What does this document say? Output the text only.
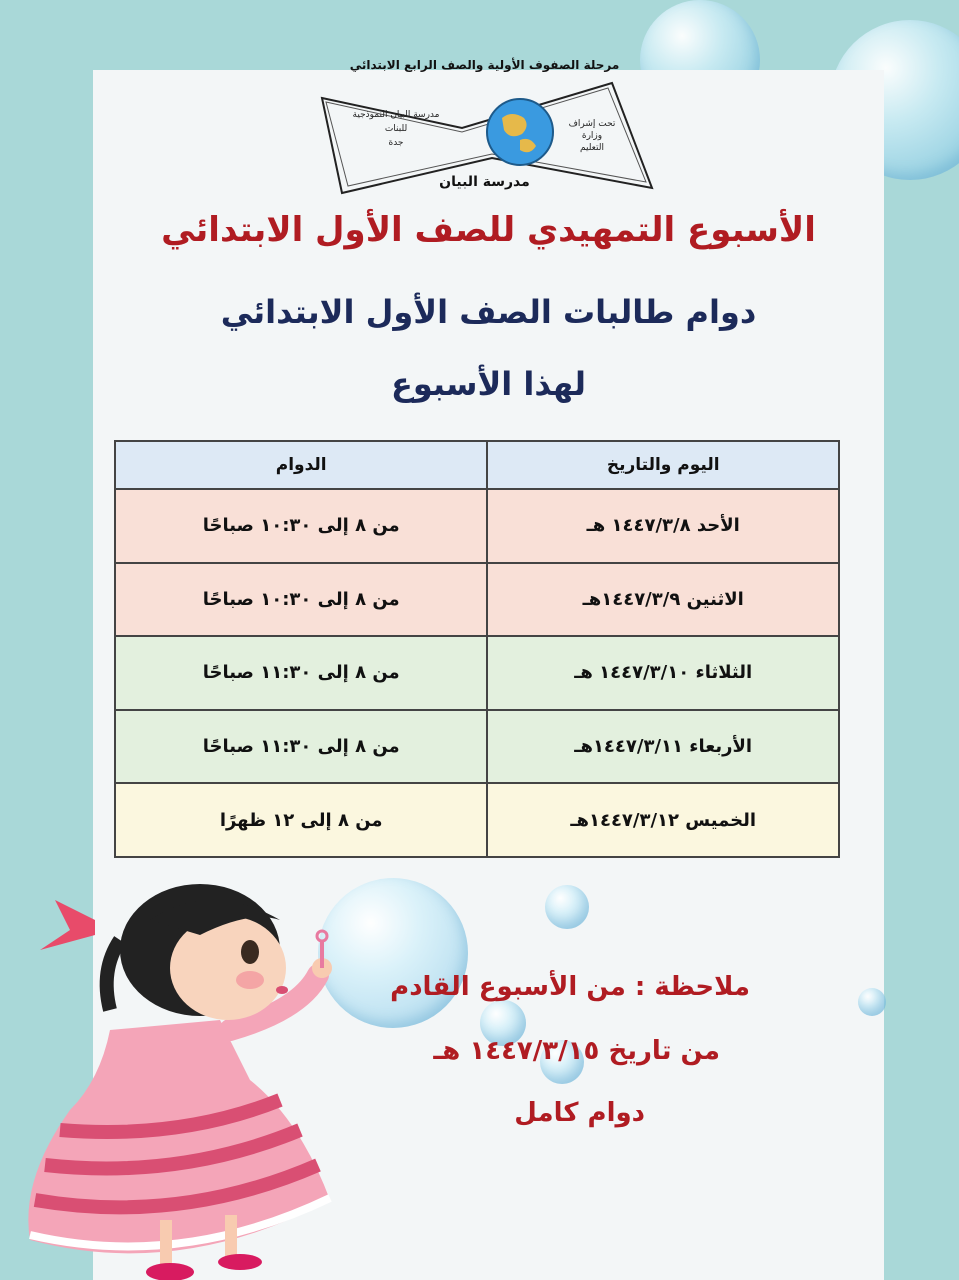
مرحلة الصفوف الأولية والصف الرابع الابتدائي
مدرسة البيان النموذجية
للبنات
جدة
تحت إشراف
وزارة
التعليم
مدرسة البيان
الأسبوع التمهيدي للصف الأول الابتدائي
دوام طالبات الصف الأول الابتدائي
لهذا الأسبوع
اليوم والتاريخ	الدوام
الأحد ١٤٤٧/٣/٨ هـ	من ٨ إلى ١٠:٣٠ صباحًا
الاثنين ١٤٤٧/٣/٩هـ	من ٨ إلى ١٠:٣٠ صباحًا
الثلاثاء ١٤٤٧/٣/١٠ هـ	من ٨ إلى ١١:٣٠ صباحًا
الأربعاء ١٤٤٧/٣/١١هـ	من ٨ إلى ١١:٣٠ صباحًا
الخميس ١٤٤٧/٣/١٢هـ	من ٨ إلى ١٢ ظهرًا
ملاحظة : من الأسبوع القادم
من تاريخ ١٤٤٧/٣/١٥ هـ
دوام كامل
